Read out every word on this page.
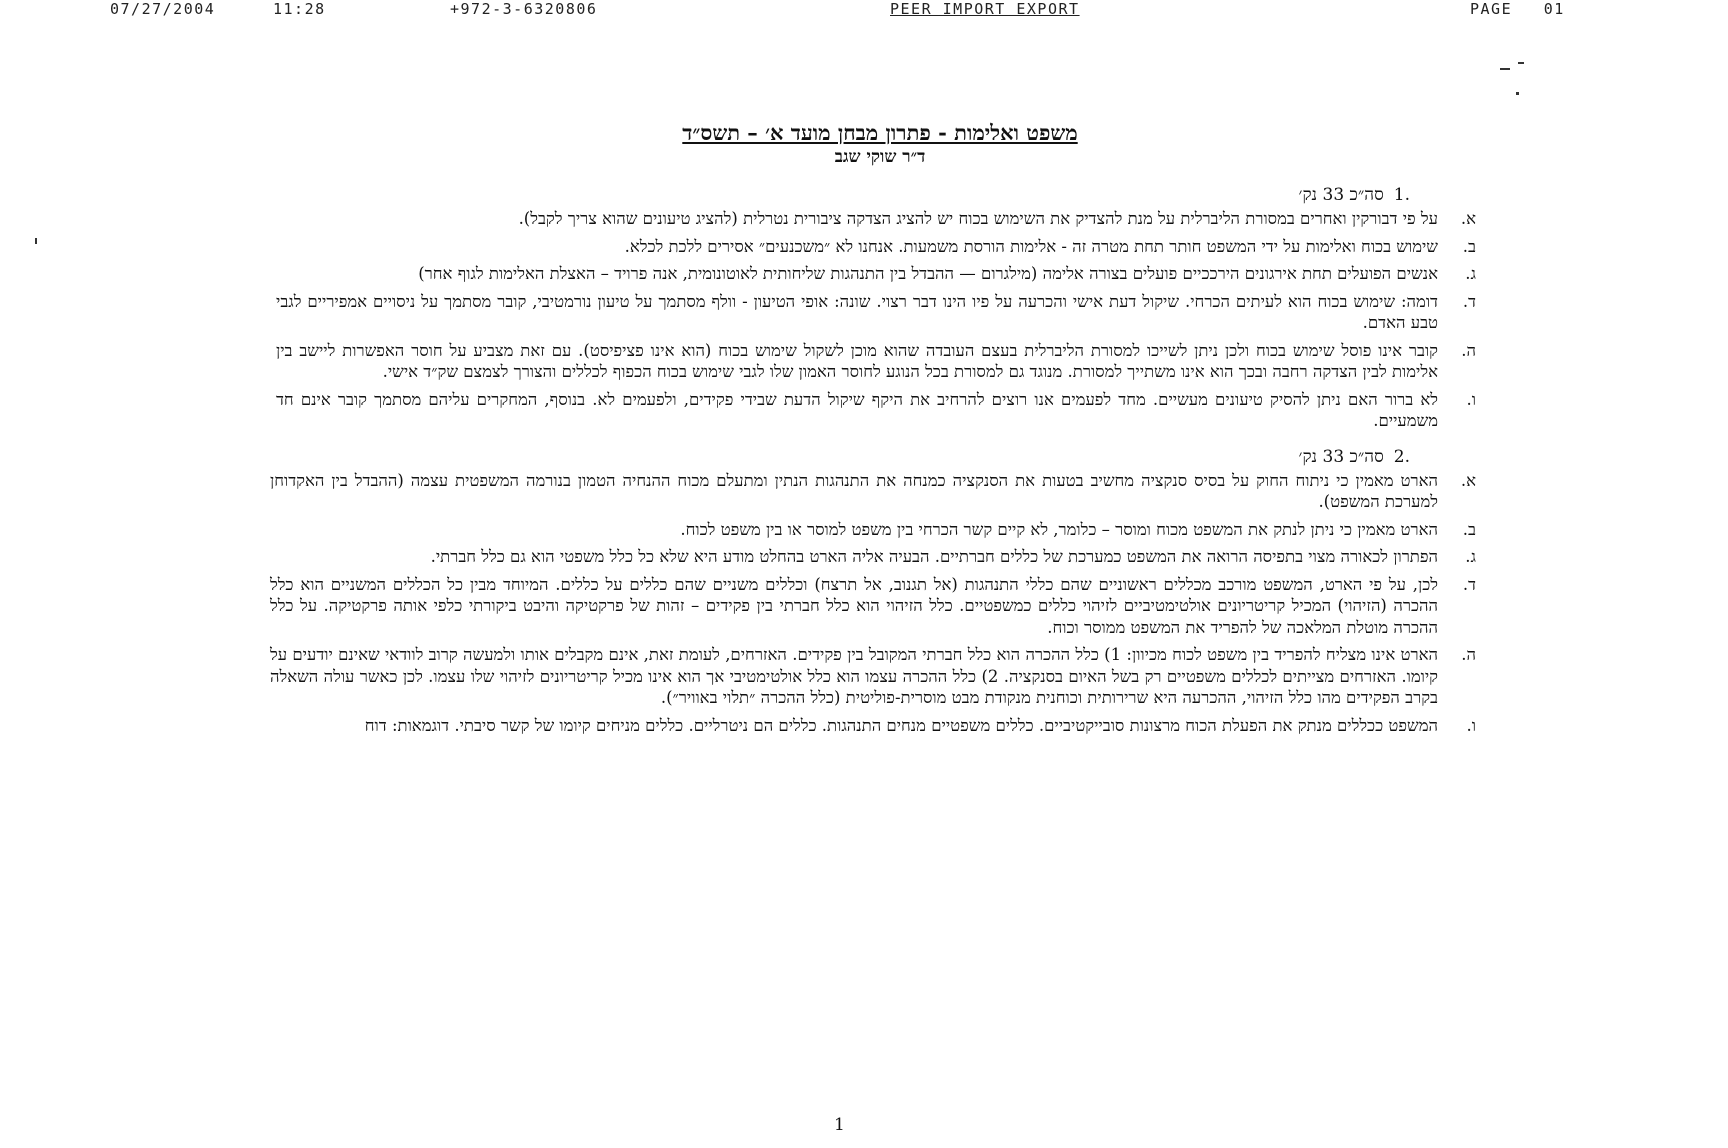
07/27/2004	11:28	+972-3-6320806	PEER IMPORT EXPORT	PAGE 01

משפט ואלימות - פתרון מבחן מועד א׳ – תשס״ד

ד״ר שוקי שגב

.1סה״כ 33 נק׳
א.
על פי דבורקין ואחרים במסורת הליברלית על מנת להצדיק את השימוש בכוח יש להציג הצדקה ציבורית נטרלית (להציג טיעונים שהוא צריך לקבל).
ב.
שימוש בכוח ואלימות על ידי המשפט חותר תחת מטרה זה - אלימות הורסת משמעות. אנחנו לא ״משכנעים״ אסירים ללכת לכלא.
ג.
אנשים הפועלים תחת אירגונים הירככיים פועלים בצורה אלימה (מילגרום — ההבדל בין התנהגות שליחותית לאוטונומית, אנה פרויד – האצלת האלימות לגוף אחר)
ד.
דומה: שימוש בכוח הוא לעיתים הכרחי. שיקול דעת אישי והכרעה על פיו הינו דבר רצוי. שונה: אופי הטיעון - וולף מסתמך על טיעון נורמטיבי, קובר מסתמך על ניסויים אמפיריים לגבי טבע האדם.
ה.
קובר אינו פוסל שימוש בכוח ולכן ניתן לשייכו למסורת הליברלית בעצם העובדה שהוא מוכן לשקול שימוש בכוח (הוא אינו פציפיסט). עם זאת מצביע על חוסר האפשרות ליישב בין אלימות לבין הצדקה רחבה ובכך הוא אינו משתייך למסורת. מנוגד גם למסורת בכל הנוגע לחוסר האמון שלו לגבי שימוש בכוח הכפוף לכללים והצורך לצמצם שק״ד אישי.
ו.
לא ברור האם ניתן להסיק טיעונים מעשיים. מחד לפעמים אנו רוצים להרחיב את היקף שיקול הדעת שבידי פקידים, ולפעמים לא. בנוסף, המחקרים עליהם מסתמך קובר אינם חד משמעיים.
.2סה״כ 33 נק׳
א.
הארט מאמין כי ניתוח החוק על בסיס סנקציה מחשיב בטעות את הסנקציה כמנחה את התנהגות הנתין ומתעלם מכוח ההנחיה הטמון בנורמה המשפטית עצמה (ההבדל בין האקדוחן למערכת המשפט).
ב.
הארט מאמין כי ניתן לנתק את המשפט מכוח ומוסר – כלומר, לא קיים קשר הכרחי בין משפט למוסר או בין משפט לכוח.
ג.
הפתרון לכאורה מצוי בתפיסה הרואה את המשפט כמערכת של כללים חברתיים. הבעיה אליה הארט בהחלט מודע היא שלא כל כלל משפטי הוא גם כלל חברתי.
ד.
לכן, על פי הארט, המשפט מורכב מכללים ראשוניים שהם כללי התנהגות (אל תגנוב, אל תרצח) וכללים משניים שהם כללים על כללים. המיוחד מבין כל הכללים המשניים הוא כלל ההכרה (הזיהוי) המכיל קריטריונים אולטימטיביים לזיהוי כללים כמשפטיים. כלל הזיהוי הוא כלל חברתי בין פקידים – זהות של פרקטיקה והיבט ביקורתי כלפי אותה פרקטיקה. על כלל ההכרה מוטלת המלאכה של להפריד את המשפט ממוסר וכוח.
ה.
הארט אינו מצליח להפריד בין משפט לכוח מכיוון: 1) כלל ההכרה הוא כלל חברתי המקובל בין פקידים. האזרחים, לעומת זאת, אינם מקבלים אותו ולמעשה קרוב לוודאי שאינם יודעים על קיומו. האזרחים מצייתים לכללים משפטיים רק בשל האיום בסנקציה. 2) כלל ההכרה עצמו הוא כלל אולטימטיבי אך הוא אינו מכיל קריטריונים לזיהוי שלו עצמו. לכן כאשר עולה השאלה בקרב הפקידים מהו כלל הזיהוי, ההכרעה היא שרירותית וכוחנית מנקודת מבט מוסרית-פוליטית (כלל ההכרה ״תלוי באוויר״).
ו.
המשפט ככללים מנתק את הפעלת הכוח מרצונות סובייקטיביים. כללים משפטיים מנחים התנהגות. כללים הם ניטרליים. כללים מניחים קיומו של קשר סיבתי. דוגמאות: דוח
1
